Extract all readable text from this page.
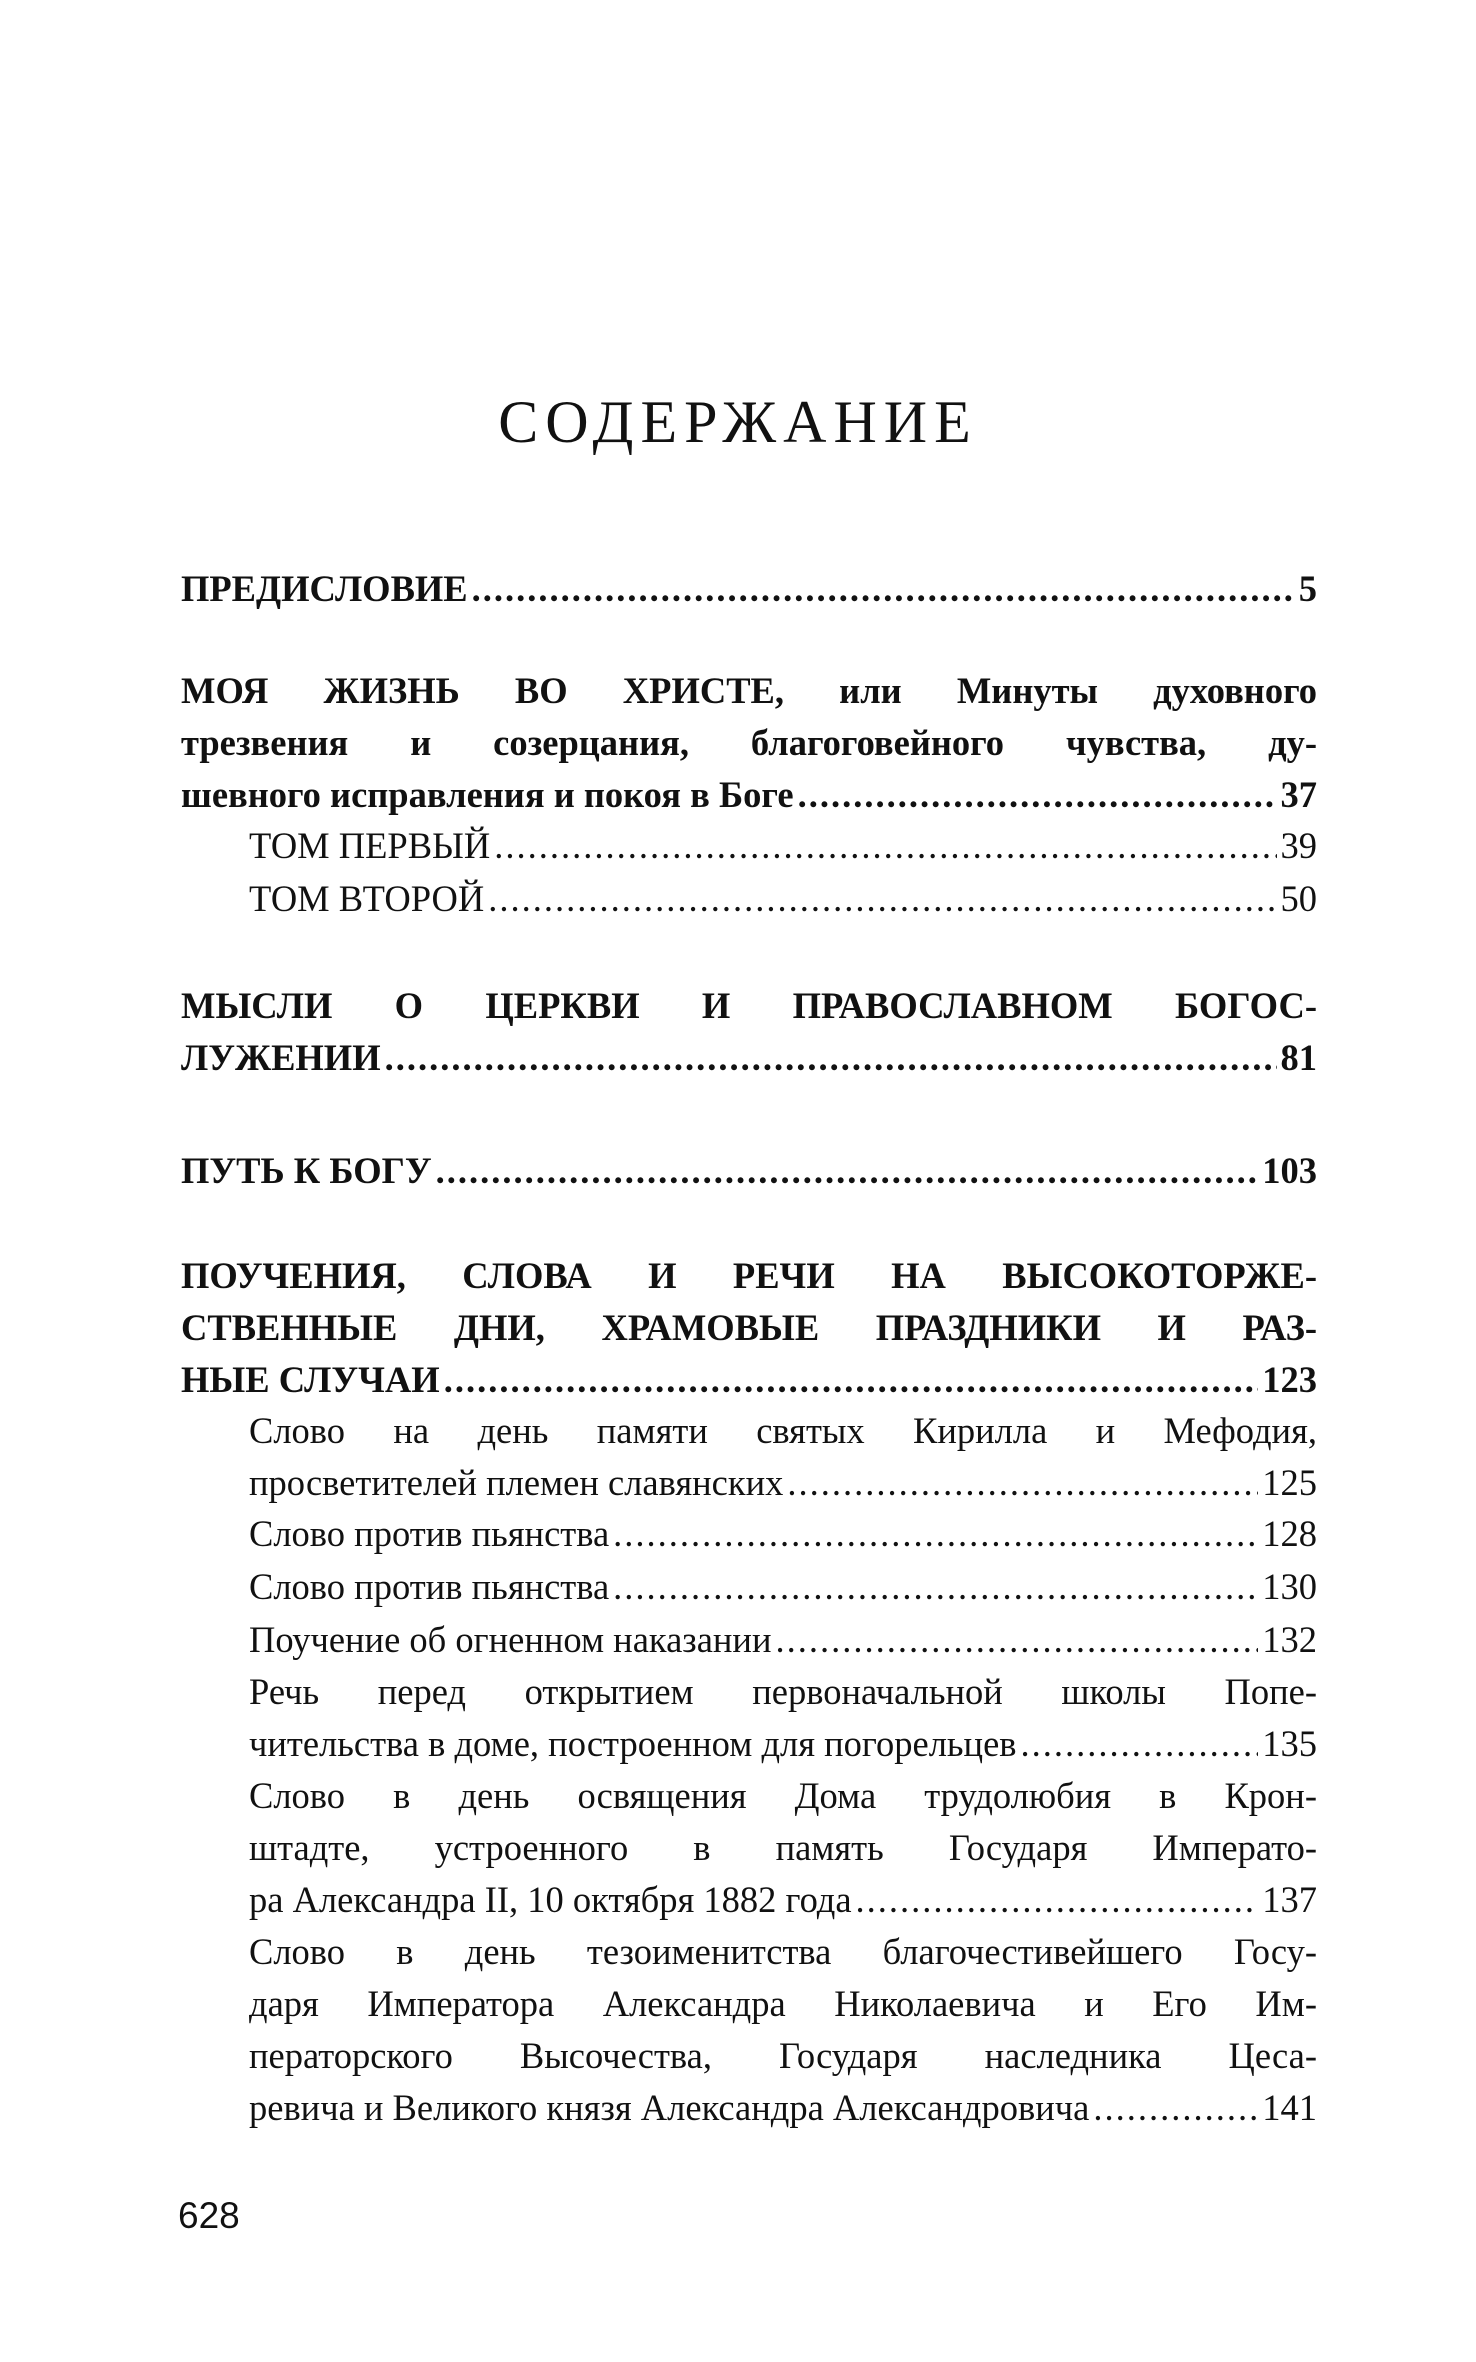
СОДЕРЖАНИЕ
ПРЕДИСЛОВИЕ .....	5
МОЯ ЖИЗНЬ ВО ХРИСТЕ, или Минуты духовного
трезвения и созерцания, благоговейного чувства, ду-
шевного исправления и покоя в Боге .....	37
ТОМ ПЕРВЫЙ .....	39
ТОМ ВТОРОЙ .....	50
МЫСЛИ О ЦЕРКВИ И ПРАВОСЛАВНОМ БОГОС-
ЛУЖЕНИИ .....	81
ПУТЬ К БОГУ .....	103
ПОУЧЕНИЯ, СЛОВА И РЕЧИ НА ВЫСОКОТОРЖЕ-
СТВЕННЫЕ ДНИ, ХРАМОВЫЕ ПРАЗДНИКИ И РАЗ-
НЫЕ СЛУЧАИ .....	123
Слово на день памяти святых Кирилла и Мефодия,
просветителей племен славянских .....	125
Слово против пьянства .....	128
Слово против пьянства .....	130
Поучение об огненном наказании .....	132
Речь перед открытием первоначальной школы Попе-
чительства в доме, построенном для погорельцев .....	135
Слово в день освящения Дома трудолюбия в Крон-
штадте, устроенного в память Государя Императо-
ра Александра II, 10 октября 1882 года .....	137
Слово в день тезоименитства благочестивейшего Госу-
даря Императора Александра Николаевича и Его Им-
ператорского Высочества, Государя наследника Цеса-
ревича и Великого князя Александра Александровича .....	141
628
